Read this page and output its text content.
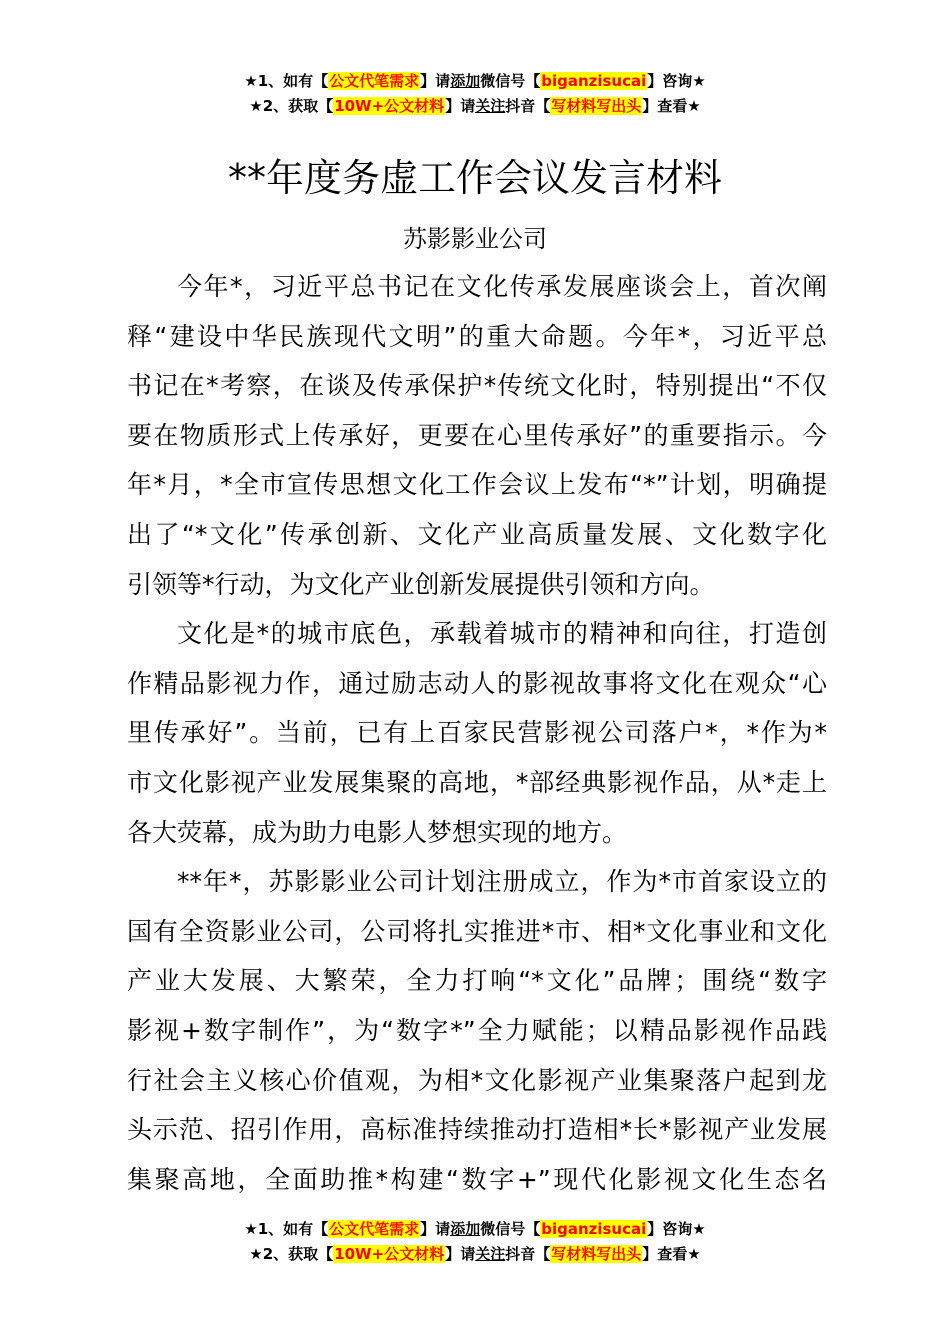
★1、如有【公文代笔需求】请添加微信号【biganzisucai】咨询★
★2、获取【10W+公文材料】请关注抖音【写材料写出头】查看★
**年度务虚工作会议发言材料
苏影影业公司

今年*，习近平总书记在文化传承发展座谈会上，首次阐
释“建设中华民族现代文明”的重大命题。今年*，习近平总
书记在*考察，在谈及传承保护*传统文化时，特别提出“不仅
要在物质形式上传承好，更要在心里传承好”的重要指示。今
年*月，*全市宣传思想文化工作会议上发布“*”计划，明确提
出了“*文化”传承创新、文化产业高质量发展、文化数字化
引领等*行动，为文化产业创新发展提供引领和方向。

文化是*的城市底色，承载着城市的精神和向往，打造创
作精品影视力作，通过励志动人的影视故事将文化在观众“心
里传承好”。当前，已有上百家民营影视公司落户*，*作为*
市文化影视产业发展集聚的高地，*部经典影视作品，从*走上
各大荧幕，成为助力电影人梦想实现的地方。

**年*，苏影影业公司计划注册成立，作为*市首家设立的
国有全资影业公司，公司将扎实推进*市、相*文化事业和文化
产业大发展、大繁荣，全力打响“*文化”品牌；围绕“数字
影视+数字制作”，为“数字*”全力赋能；以精品影视作品践
行社会主义核心价值观，为相*文化影视产业集聚落户起到龙
头示范、招引作用，高标准持续推动打造相*长*影视产业发展
集聚高地，全面助推*构建“数字+”现代化影视文化生态名

★1、如有【公文代笔需求】请添加微信号【biganzisucai】咨询★
★2、获取【10W+公文材料】请关注抖音【写材料写出头】查看★
